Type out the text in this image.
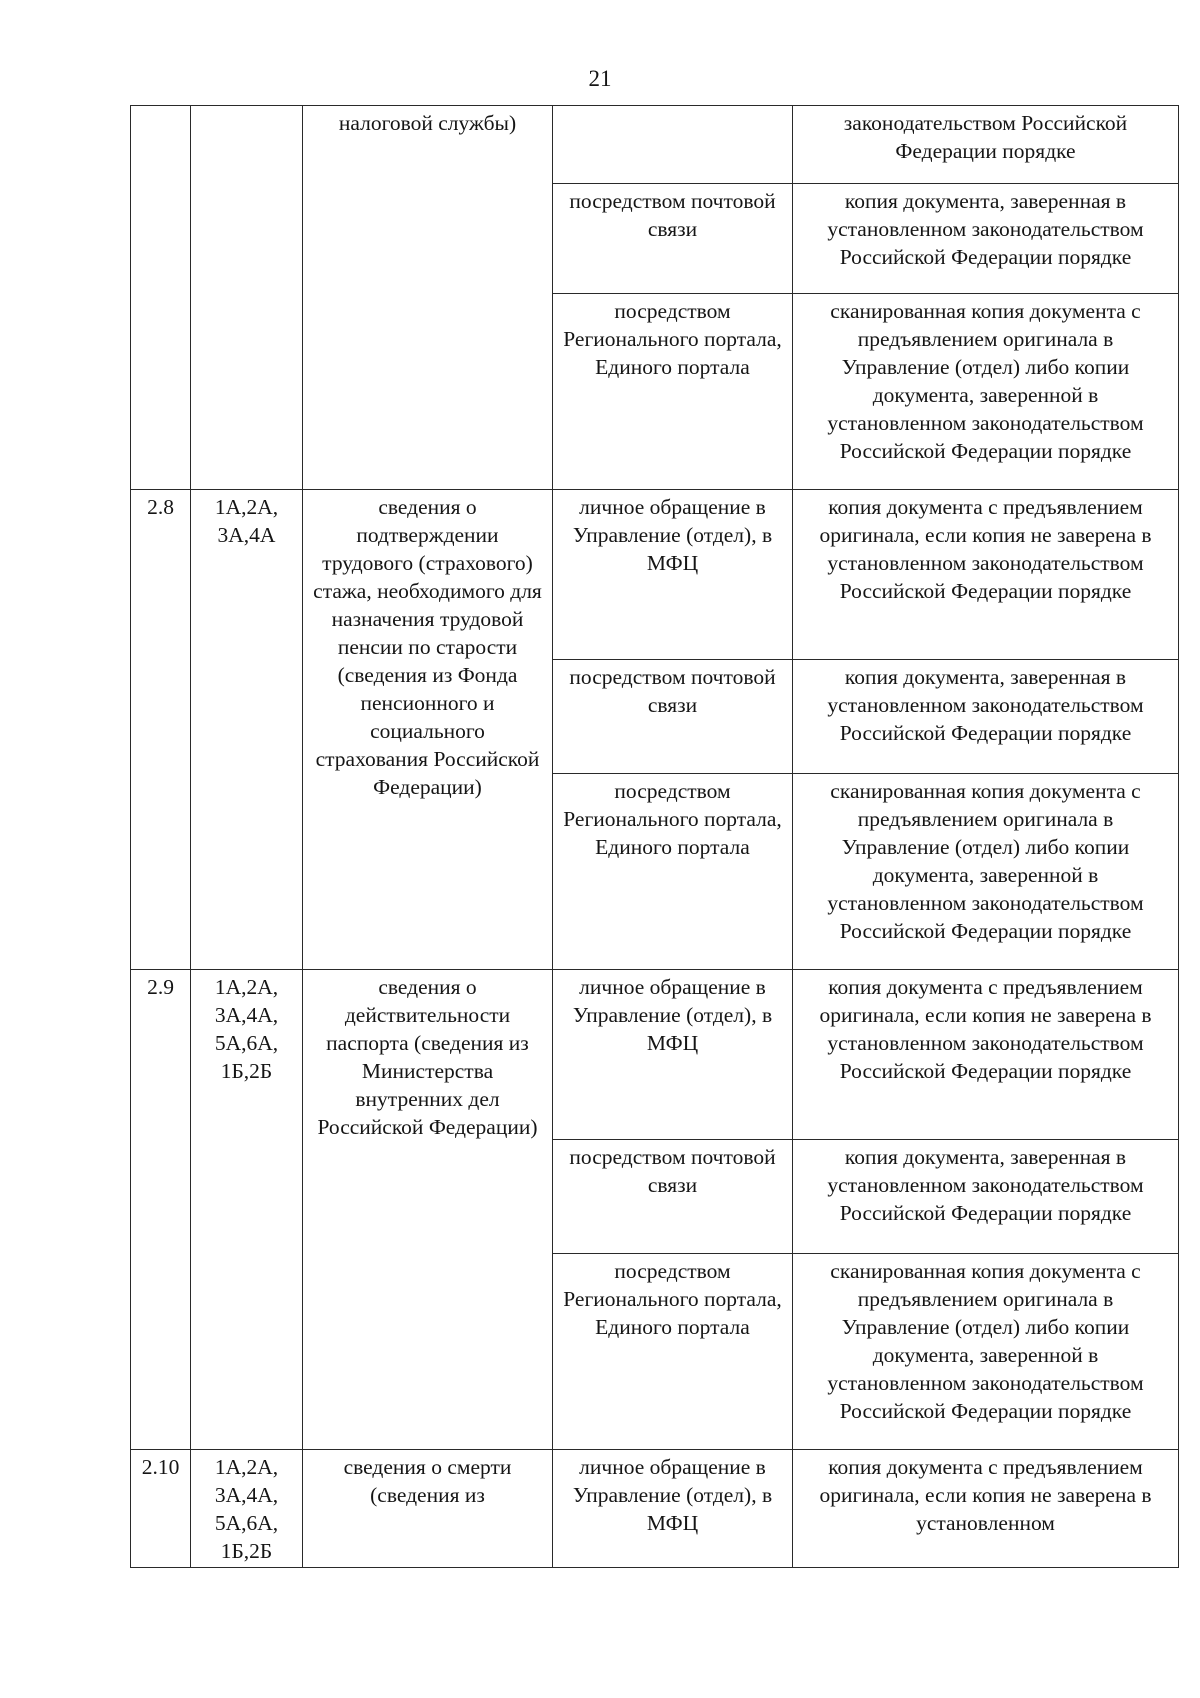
21
		налоговой службы)		законодательством Российской Федерации порядке
			посредством почтовой связи	копия документа, заверенная в установленном законодательством Российской Федерации порядке
			посредством Регионального портала, Единого портала	сканированная копия документа с предъявлением оригинала в Управление (отдел) либо копии документа, заверенной в установленном законодательством Российской Федерации порядке
2.8	1А,2А, 3А,4А	сведения о подтверждении трудового (страхового) стажа, необходимого для назначения трудовой пенсии по старости (сведения из Фонда пенсионного и социального страхования Российской Федерации)	личное обращение в Управление (отдел), в МФЦ	копия документа с предъявлением оригинала, если копия не заверена в установленном законодательством Российской Федерации порядке
			посредством почтовой связи	копия документа, заверенная в установленном законодательством Российской Федерации порядке
			посредством Регионального портала, Единого портала	сканированная копия документа с предъявлением оригинала в Управление (отдел) либо копии документа, заверенной в установленном законодательством Российской Федерации порядке
2.9	1А,2А, 3А,4А, 5А,6А, 1Б,2Б	сведения о действительности паспорта (сведения из Министерства внутренних дел Российской Федерации)	личное обращение в Управление (отдел), в МФЦ	копия документа с предъявлением оригинала, если копия не заверена в установленном законодательством Российской Федерации порядке
			посредством почтовой связи	копия документа, заверенная в установленном законодательством Российской Федерации порядке
			посредством Регионального портала, Единого портала	сканированная копия документа с предъявлением оригинала в Управление (отдел) либо копии документа, заверенной в установленном законодательством Российской Федерации порядке
2.10	1А,2А, 3А,4А, 5А,6А, 1Б,2Б	сведения о смерти (сведения из	личное обращение в Управление (отдел), в МФЦ	копия документа с предъявлением оригинала, если копия не заверена в установленном
